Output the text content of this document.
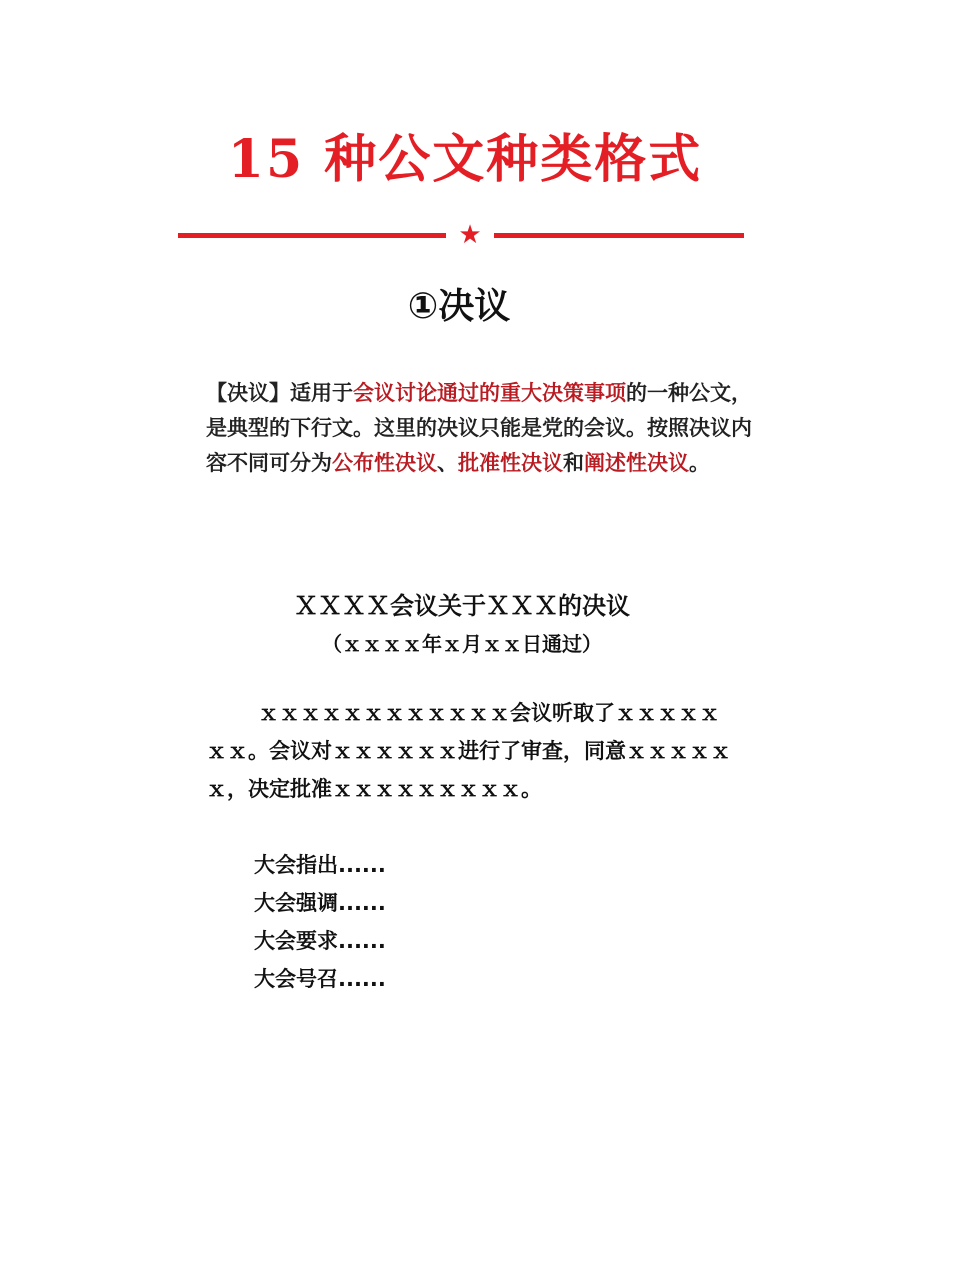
15 种公文种类格式
★
①决议
【决议】适用于会议讨论通过的重大决策事项的一种公文，是典型的下行文。这里的决议只能是党的会议。按照决议内容不同可分为公布性决议、批准性决议和阐述性决议。
ＸＸＸＸ会议关于ＸＸＸ的决议
（ｘｘｘｘ年ｘ月ｘｘ日通过）
ｘｘｘｘｘｘｘｘｘｘｘｘ会议听取了ｘｘｘｘｘｘｘ。会议对ｘｘｘｘｘｘ进行了审查，同意ｘｘｘｘｘｘ，决定批准ｘｘｘｘｘｘｘｘｘ。
大会指出......
大会强调......
大会要求......
大会号召......
